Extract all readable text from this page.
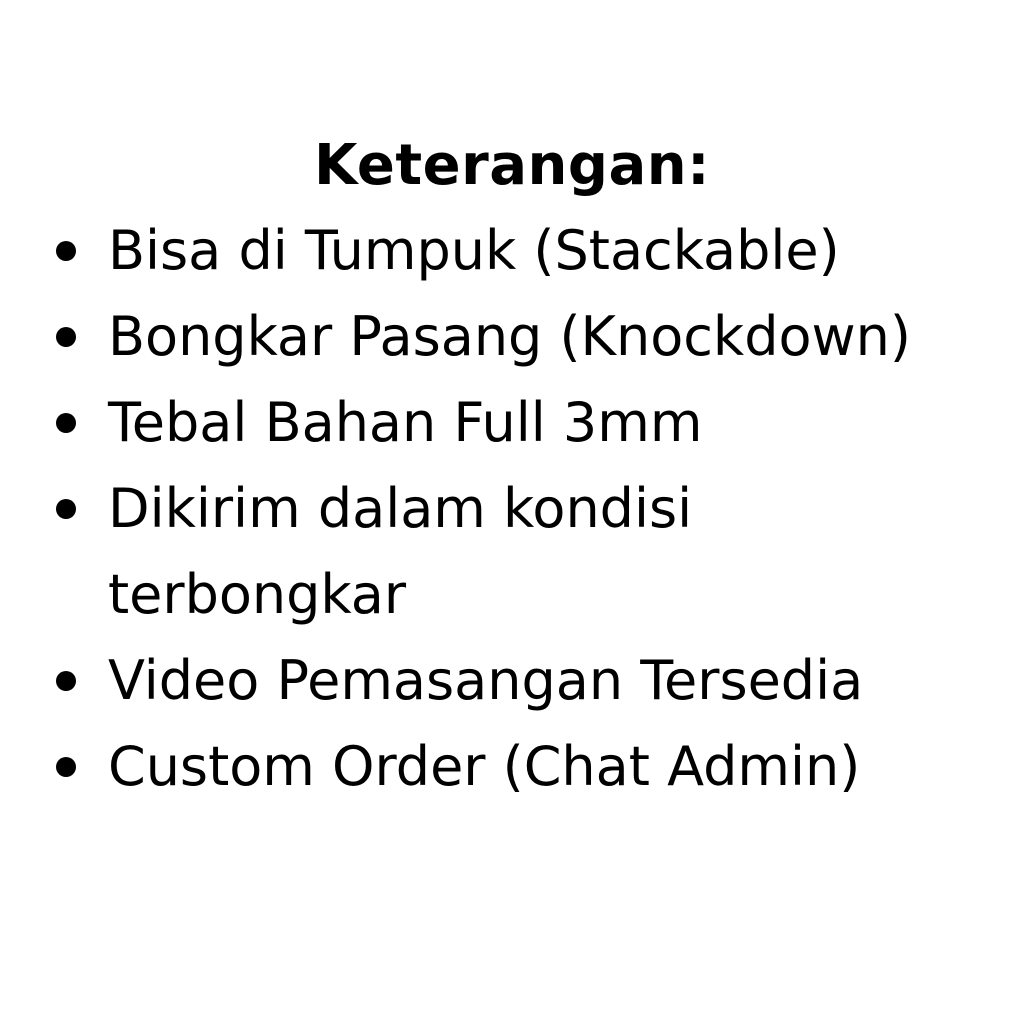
Keterangan:
Bisa di Tumpuk (Stackable)
Bongkar Pasang (Knockdown)
Tebal Bahan Full 3mm
Dikirim dalam kondisi terbongkar
Video Pemasangan Tersedia
Custom Order (Chat Admin)
